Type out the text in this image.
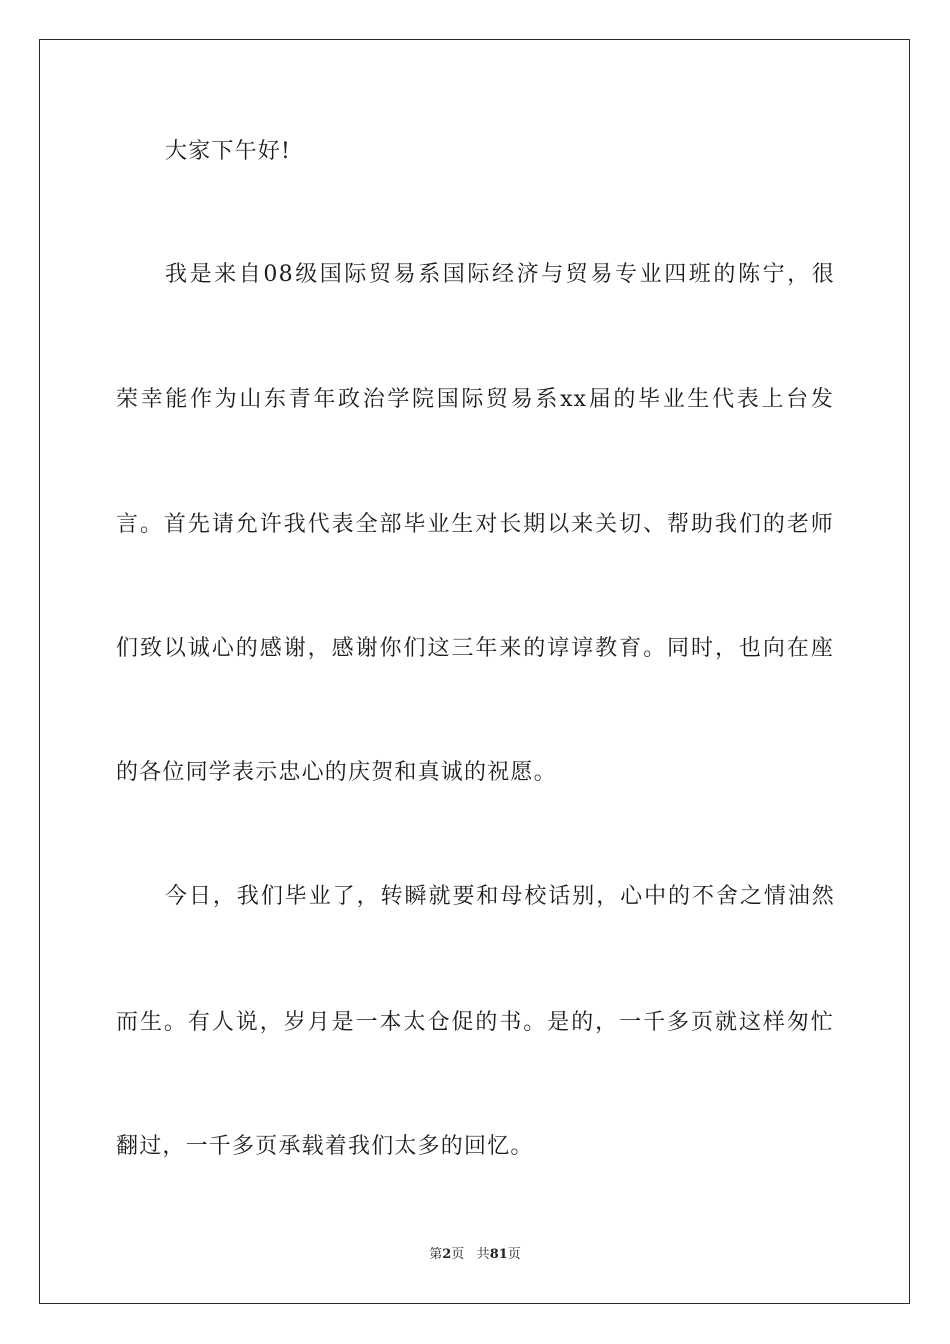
大家下午好!
我是来自08级国际贸易系国际经济与贸易专业四班的陈宁，很
荣幸能作为山东青年政治学院国际贸易系xx届的毕业生代表上台发
言。首先请允许我代表全部毕业生对长期以来关切、帮助我们的老师
们致以诚心的感谢，感谢你们这三年来的谆谆教育。同时，也向在座
的各位同学表示忠心的庆贺和真诚的祝愿。
今日，我们毕业了，转瞬就要和母校话别，心中的不舍之情油然
而生。有人说，岁月是一本太仓促的书。是的，一千多页就这样匆忙
翻过，一千多页承载着我们太多的回忆。
第2页 共81页
